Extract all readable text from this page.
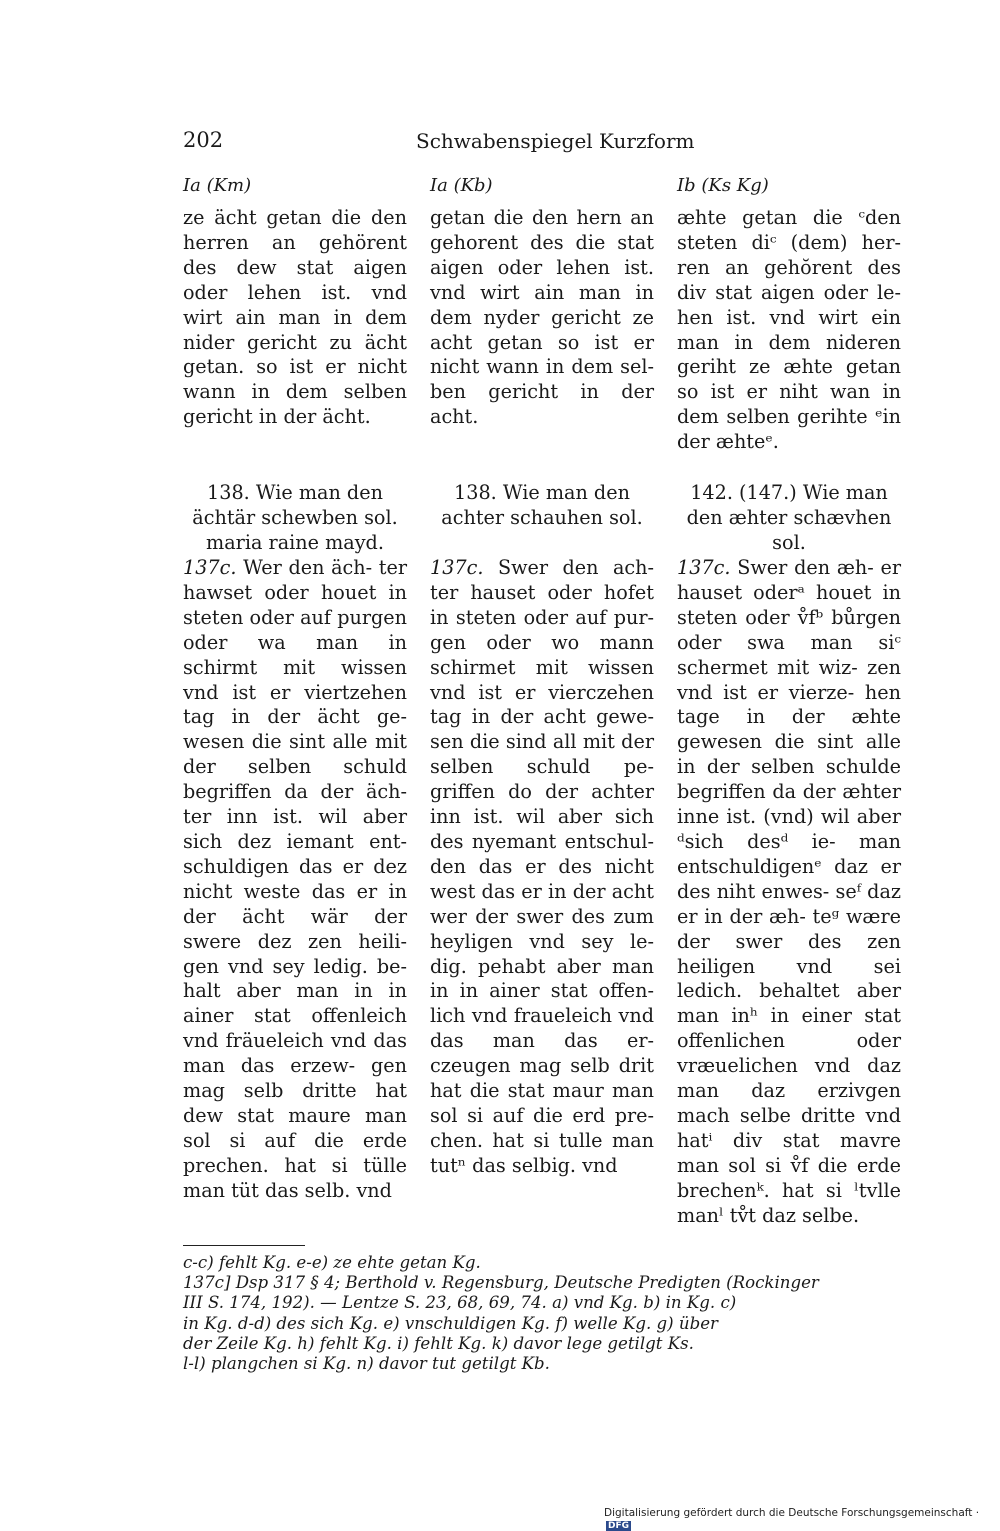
202	Schwabenspiegel Kurzform
Ia (Km)	Ia (Kb)	Ib (Ks Kg)
ze ächt getan die den herren an gehörent des dew stat aigen oder lehen ist. vnd wirt ain man in dem nider gericht zu ächt getan. so ist er nicht wann in dem selben gericht in der ächt.
getan die den hern an gehorent des die stat aigen oder lehen ist. vnd wirt ain man in dem nyder gericht ze acht getan so ist er nicht wann in dem sel- ben gericht in der acht.
æhte getan die ᶜden steten diᶜ (dem) her- ren an gehŏrent des div stat aigen oder le- hen ist. vnd wirt ein man in dem nideren geriht ze æhte getan so ist er niht wan in dem selben gerihte ᵉin der æhteᵉ.
138. Wie man den ächtär schewben sol. maria raine mayd.
138. Wie man den achter schauhen sol.
142. (147.) Wie man den æhter schævhen sol.
137c. Wer den äch- ter hawset oder houet in steten oder auf purgen oder wa man in schirmt mit wissen vnd ist er viertzehen tag in der ächt ge- wesen die sint alle mit der selben schuld begriffen da der äch- ter inn ist. wil aber sich dez iemant ent- schuldigen das er dez nicht weste das er in der ächt wär der swere dez zen heili- gen vnd sey ledig. be- halt aber man in in ainer stat offenleich vnd fräueleich vnd das man das erzew- gen mag selb dritte hat dew stat maure man sol si auf die erde prechen. hat si tülle man tüt das selb. vnd
137c. Swer den ach- ter hauset oder hofet in steten oder auf pur- gen oder wo mann schirmet mit wissen vnd ist er vierczehen tag in der acht gewe- sen die sind all mit der selben schuld pe- griffen do der achter inn ist. wil aber sich des nyemant entschul- den das er des nicht west das er in der acht wer der swer des zum heyligen vnd sey le- dig. pehabt aber man in in ainer stat offen- lich vnd fraueleich vnd das man das er- czeugen mag selb drit hat die stat maur man sol si auf die erd pre- chen. hat si tulle man tutⁿ das selbig. vnd
137c. Swer den æh- er hauset oderᵃ houet in steten oder v̊fᵇ bůrgen oder swa man siᶜ schermet mit wiz- zen vnd ist er vierze- hen tage in der æhte gewesen die sint alle in der selben schulde begriffen da der æhter inne ist. (vnd) wil aber ᵈsich desᵈ ie- man entschuldigenᵉ daz er des niht enwes- seᶠ daz er in der æh- teᵍ wære der swer des zen heiligen vnd sei ledich. behaltet aber man inʰ in einer stat offenlichen oder vræuelichen vnd daz man daz erzivgen mach selbe dritte vnd hatⁱ div stat mavre man sol si v̊f die erde brechenᵏ. hat si ˡtvlle manˡ tv̊t daz selbe.
c-c) fehlt Kg. e-e) ze ehte getan Kg.
137c] Dsp 317 § 4; Berthold v. Regensburg, Deutsche Predigten (Rockinger
III S. 174, 192). — Lentze S. 23, 68, 69, 74. a) vnd Kg. b) in Kg. c)
in Kg. d-d) des sich Kg. e) vnschuldigen Kg. f) welle Kg. g) über
der Zeile Kg. h) fehlt Kg. i) fehlt Kg. k) davor lege getilgt Ks.
l-l) plangchen si Kg. n) davor tut getilgt Kb.
Digitalisierung gefördert durch die Deutsche Forschungsgemeinschaft ·DFG
